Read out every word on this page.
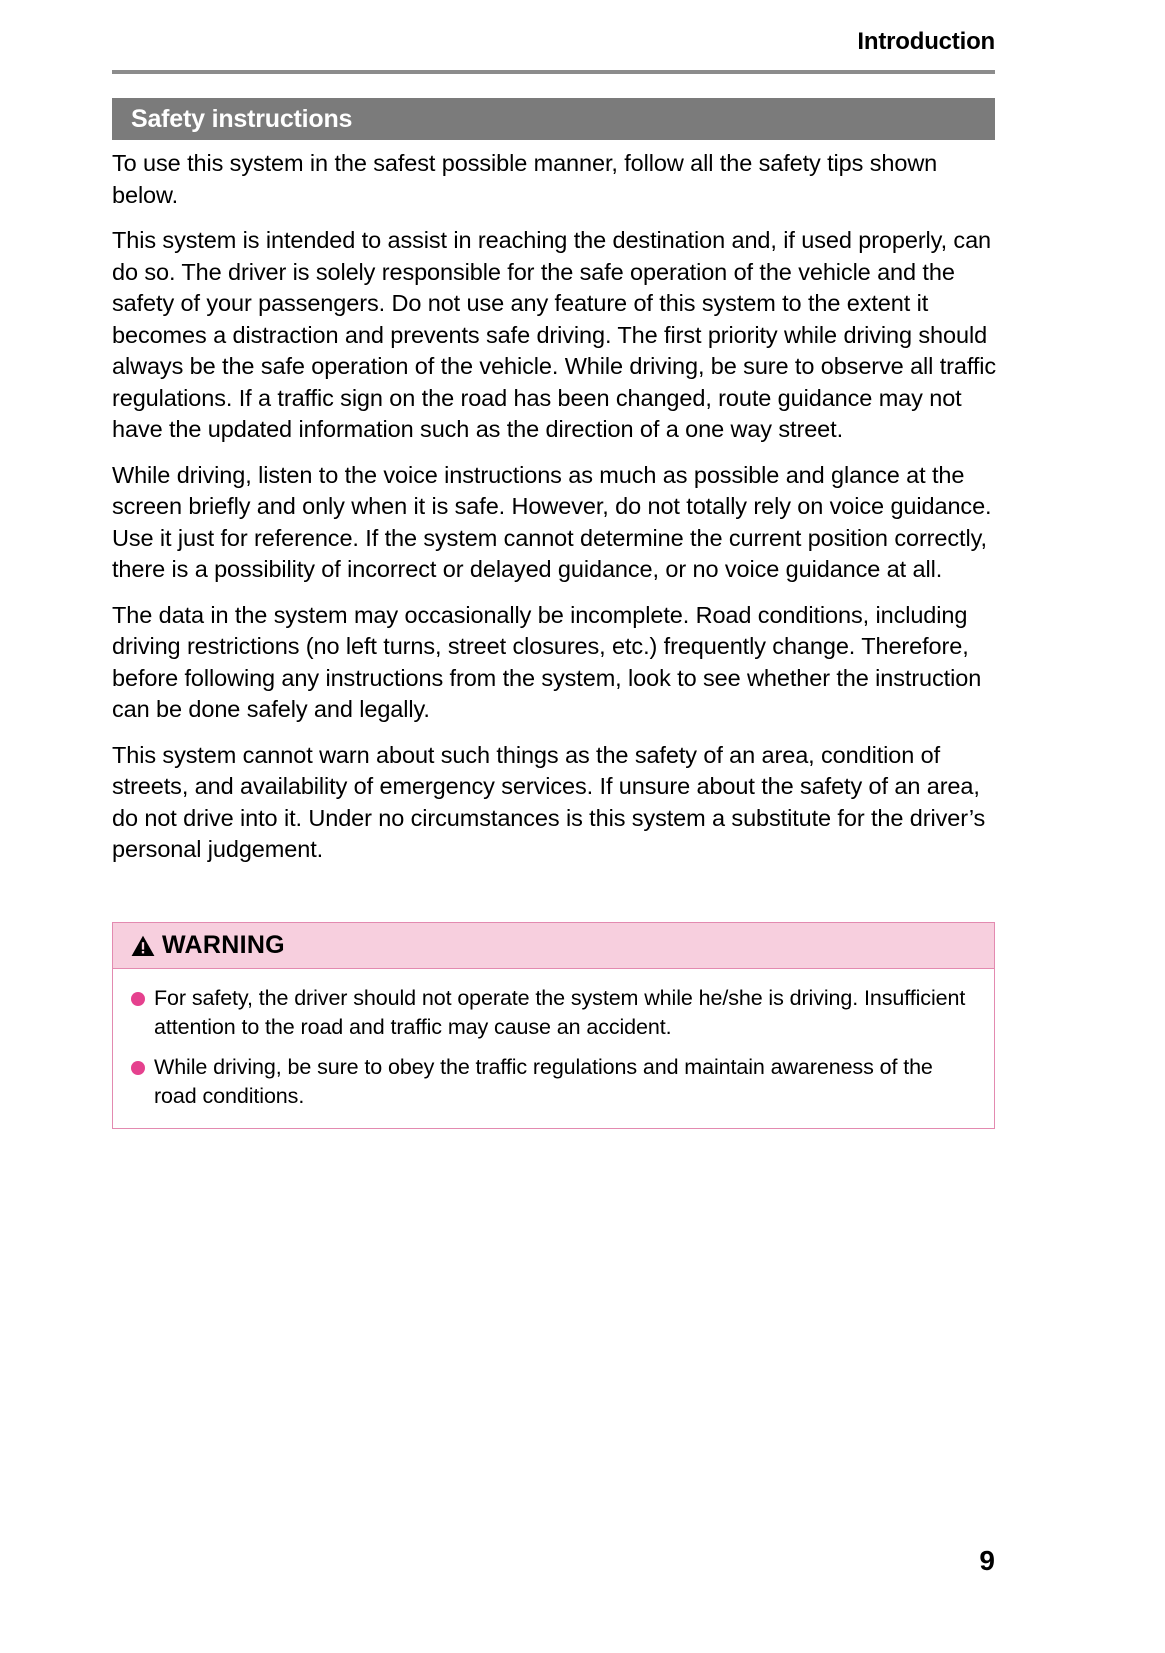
Introduction
Safety instructions

To use this system in the safest possible manner, follow all the safety tips shown below.

This system is intended to assist in reaching the destination and, if used properly, can do so. The driver is solely responsible for the safe operation of the vehicle and the safety of your passengers. Do not use any feature of this system to the extent it becomes a distraction and prevents safe driving. The first priority while driving should always be the safe operation of the vehicle. While driving, be sure to observe all traffic regulations. If a traffic sign on the road has been changed, route guidance may not have the updated information such as the direction of a one way street.

While driving, listen to the voice instructions as much as possible and glance at the screen briefly and only when it is safe. However, do not totally rely on voice guidance. Use it just for reference. If the system cannot determine the current position correctly, there is a possibility of incorrect or delayed guidance, or no voice guidance at all.

The data in the system may occasionally be incomplete. Road conditions, including driving restrictions (no left turns, street closures, etc.) frequently change. Therefore, before following any instructions from the system, look to see whether the instruction can be done safely and legally.

This system cannot warn about such things as the safety of an area, condition of streets, and availability of emergency services. If unsure about the safety of an area, do not drive into it. Under no circumstances is this system a substitute for the driver’s personal judgement.

WARNING
For safety, the driver should not operate the system while he/she is driving. Insufficient attention to the road and traffic may cause an accident.
While driving, be sure to obey the traffic regulations and maintain awareness of the road conditions.
9
